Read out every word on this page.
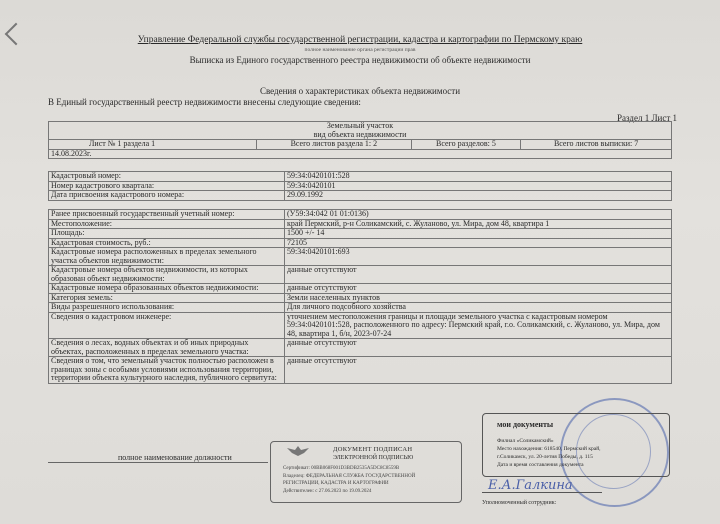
Управление Федеральной службы государственной регистрации, кадастра и картографии по Пермскому краю
полное наименование органа регистрации прав
Выписка из Единого государственного реестра недвижимости об объекте недвижимости
Сведения о характеристиках объекта недвижимости
В Единый государственный реестр недвижимости внесены следующие сведения:
Раздел 1 Лист 1
Земельный участок
вид объекта недвижимости

Лист № 1 раздела 1	Всего листов раздела 1: 2	Всего разделов: 5	Всего листов выписки: 7
14.08.2023г.
Кадастровый номер:	59:34:0420101:528
Номер кадастрового квартала:	59:34:0420101
Дата присвоения кадастрового номера:	29.09.1992
Ранее присвоенный государственный учетный номер:	(У59:34:042 01 01:0136)
Местоположение:	край Пермский, р-н Соликамский, с. Жуланово, ул. Мира, дом 48, квартира 1
Площадь:	1500 +/- 14
Кадастровая стоимость, руб.:	72105
Кадастровые номера расположенных в пределах земельного участка объектов недвижимости:	59:34:0420101:693
Кадастровые номера объектов недвижимости, из которых образован объект недвижимости:	данные отсутствуют
Кадастровые номера образованных объектов недвижимости:	данные отсутствуют
Категория земель:	Земли населенных пунктов
Виды разрешенного использования:	Для личного подсобного хозяйства
Сведения о кадастровом инженере:	уточнением местоположения границы и площади земельного участка с кадастровым номером 59:34:0420101:528, расположенного по адресу: Пермский край, г.о. Соликамский, с. Жуланово, ул. Мира, дом 48, квартира 1, б/н, 2023-07-24
Сведения о лесах, водных объектах и об иных природных объектах, расположенных в пределах земельного участка:	данные отсутствуют
Сведения о том, что земельный участок полностью расположен в границах зоны с особыми условиями использования территории, территории объекта культурного наследия, публичного сервитута:	данные отсутствуют
мои документы
Филиал «Соликамский»
Место нахождения: 618540, Пермский край,
г.Соликамск, ул. 20-летия Победы, д. 115
Дата и время составления документа
Е.А.Галкина
Уполномоченный сотрудник:
полное наименование должности
ДОКУМЕНТ ПОДПИСАН
ЭЛЕКТРОННОЙ ПОДПИСЬЮ
Сертификат: 00BB068F001D3BDB2535A5DC8C8559B
Владелец: ФЕДЕРАЛЬНАЯ СЛУЖБА ГОСУДАРСТВЕННОЙ
РЕГИСТРАЦИИ, КАДАСТРА И КАРТОГРАФИИ
Действителен: с 27.06.2023 по 19.09.2024
